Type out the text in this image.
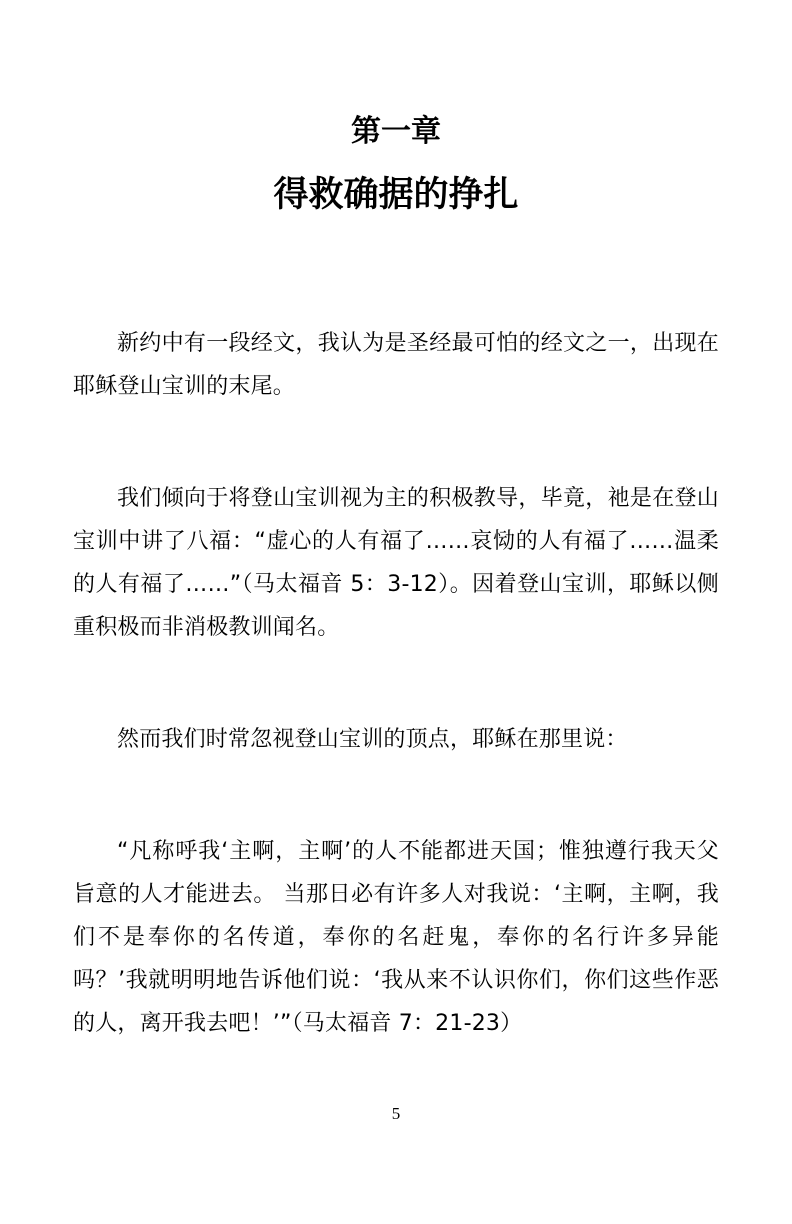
第一章
得救确据的挣扎

新约中有一段经文，我认为是圣经最可怕的经文之一，出现在耶稣登山宝训的末尾。

我们倾向于将登山宝训视为主的积极教导，毕竟，祂是在登山宝训中讲了八福：“虚心的人有福了……哀恸的人有福了……温柔的人有福了……”（马太福音 5：3-12）。因着登山宝训，耶稣以侧重积极而非消极教训闻名。

然而我们时常忽视登山宝训的顶点，耶稣在那里说：

“凡称呼我‘主啊，主啊’的人不能都进天国；惟独遵行我天父旨意的人才能进去。 当那日必有许多人对我说：‘主啊，主啊，我们不是奉你的名传道，奉你的名赶鬼，奉你的名行许多异能吗？’我就明明地告诉他们说：‘我从来不认识你们，你们这些作恶的人，离开我去吧！’”（马太福音 7：21-23）

5
